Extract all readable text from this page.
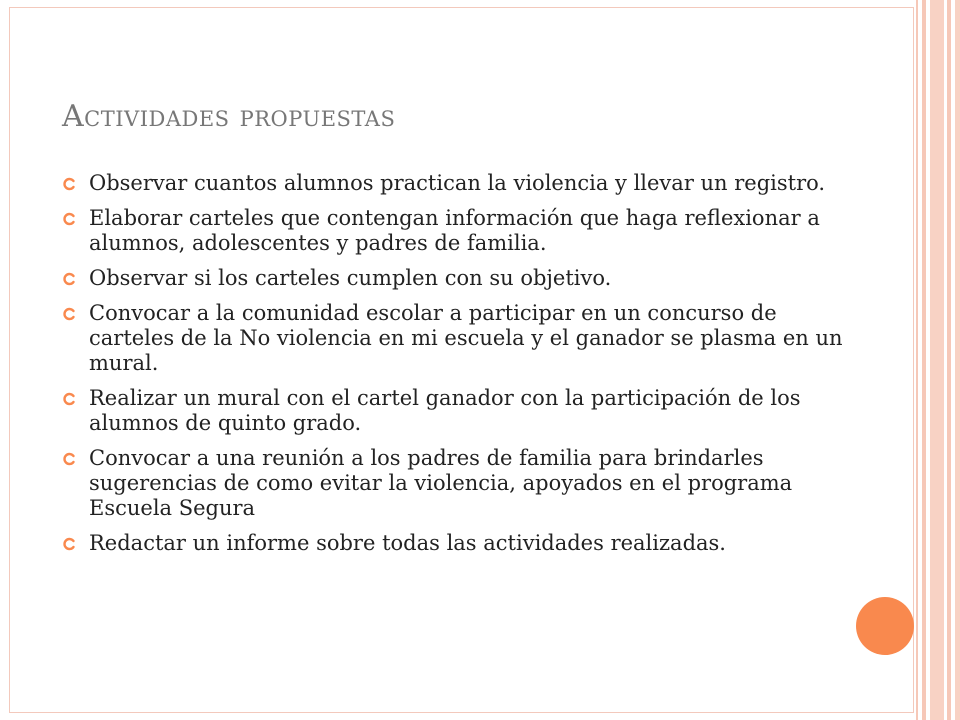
Actividades propuestas
Observar cuantos alumnos practican la violencia y llevar un registro.
Elaborar carteles que contengan información que haga reflexionar a alumnos, adolescentes y padres de familia.
Observar si los carteles cumplen con su objetivo.
Convocar a la comunidad escolar a participar en un concurso de carteles de la No violencia en mi escuela y el ganador se plasma en un mural.
Realizar un mural con el cartel ganador con la participación de los alumnos de quinto grado.
Convocar a una reunión a los padres de familia para brindarles sugerencias de como evitar la violencia, apoyados en el programa Escuela Segura
Redactar un informe sobre todas las actividades realizadas.
